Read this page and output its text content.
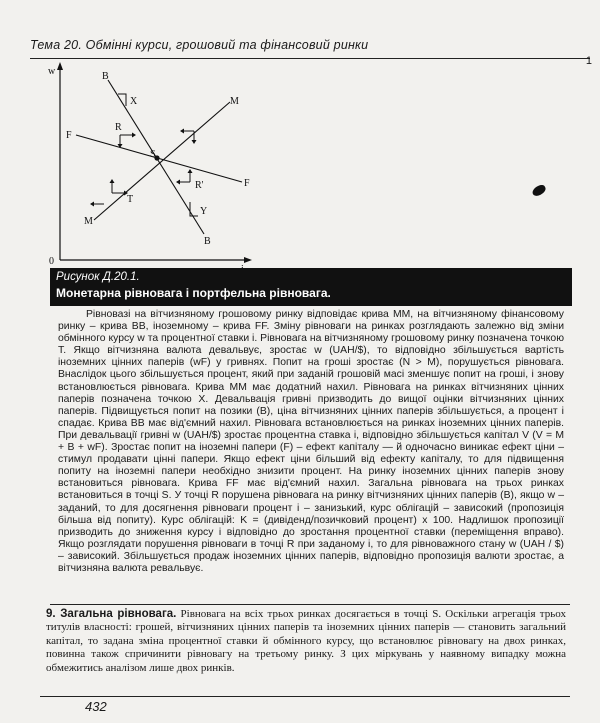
Тема 20. Обмінні курси, грошовий та фінансовий ринки
1
w
0
B
B
M
M
F
F
S
X
Y
R
R'
T
Рисунок Д.20.1.
Монетарна рівновага і портфельна рівновага.

Рівновазі на вітчизняному грошовому ринку відповідає крива MM, на вітчизняному фінансовому ринку – крива BB, іноземному – крива FF. Зміну рівноваги на ринках розглядають залежно від зміни обмінного курсу w та процентної ставки i. Рівновага на вітчизняному грошовому ринку позначена точкою T. Якщо вітчизняна валюта девальвує, зростає w (UAH/$), то відповідно збільшується вартість іноземних цінних паперів (wF) у гривнях. Попит на гроші зростає (N > M), порушується рівновага. Внаслідок цього збільшується процент, який при заданій грошовій масі зменшує попит на гроші, і знову встановлюється рівновага. Крива MM має додатний нахил. Рівновага на ринках вітчизняних цінних паперів позначена точкою X. Девальвація гривні призводить до вищої оцінки вітчизняних цінних паперів. Підвищується попит на позики (B), ціна вітчизняних цінних паперів збільшується, а процент i спадає. Крива BB має від'ємний нахил. Рівновага встановлюється на ринках іноземних цінних паперів. При девальвації гривні w (UAH/$) зростає процентна ставка i, відповідно збільшується капітал V (V = M + B + wF). Зростає попит на іноземні папери (F) – ефект капіталу — й одночасно виникає ефект ціни – стимул продавати цінні папери. Якщо ефект ціни більший від ефекту капіталу, то для підвищення попиту на іноземні папери необхідно знизити процент. На ринку іноземних цінних паперів знову встановиться рівновага. Крива FF має від'ємний нахил. Загальна рівновага на трьох ринках встановиться в точці S. У точці R порушена рівновага на ринку вітчизняних цінних паперів (B), якщо w – заданий, то для досягнення рівноваги процент i – занизький, курс облігацій – зависокий (пропозиція більша від попиту). Курс облігацій: K = (дивіденд/позичковий процент) x 100. Надлишок пропозиції призводить до зниження курсу і відповідно до зростання процентної ставки (переміщення вправо). Якщо розглядати порушення рівноваги в точці R при заданому i, то для рівноважного стану w (UAH / $) – зависокий. Збільшується продаж іноземних цінних паперів, відповідно пропозиція валюти зростає, а вітчизняна валюта ревальвує.

9. Загальна рівновага. Рівновага на всіх трьох ринках досягається в точці S. Оскільки агрегація трьох титулів власності: грошей, вітчизняних цінних паперів та іноземних цінних паперів — становить загальний капітал, то задана зміна процентної ставки й обмінного курсу, що встановлює рівновагу на двох ринках, повинна також спричинити рівновагу на третьому ринку. З цих міркувань у наявному випадку можна обмежитись аналізом лише двох ринків.
432
